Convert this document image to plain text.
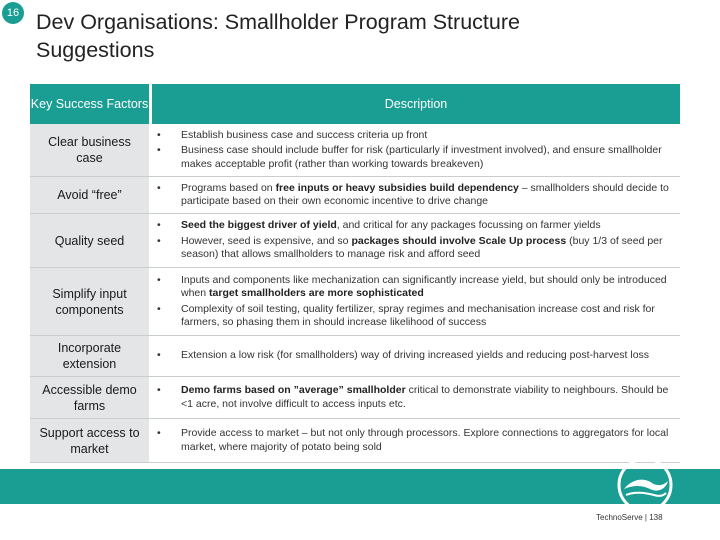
16 Dev Organisations: Smallholder Program Structure Suggestions
Key Success Factors	Description
Clear business case
•	Establish business case and success criteria up front
•	Business case should include buffer for risk (particularly if investment involved), and ensure smallholder makes acceptable profit (rather than working towards breakeven)
Avoid “free”
•	Programs based on free inputs or heavy subsidies build dependency – smallholders should decide to participate based on their own economic incentive to drive change
Quality seed
•	Seed the biggest driver of yield, and critical for any packages focussing on farmer yields
•	However, seed is expensive, and so packages should involve Scale Up process (buy 1/3 of seed per season) that allows smallholders to manage risk and afford seed
Simplify input components
•	Inputs and components like mechanization can significantly increase yield, but should only be introduced when target smallholders are more sophisticated
•	Complexity of soil testing, quality fertilizer, spray regimes and mechanisation increase cost and risk for farmers, so phasing them in should increase likelihood of success
Incorporate extension
•	Extension a low risk (for smallholders) way of driving increased yields and reducing post-harvest loss
Accessible demo farms
•	Demo farms based on ”average” smallholder critical to demonstrate viability to neighbours. Should be <1 acre, not involve difficult to access inputs etc.
Support access to market
•	Provide access to market – but not only through processors. Explore connections to aggregators for local market, where majority of potato being sold
TechnoServe | 138
